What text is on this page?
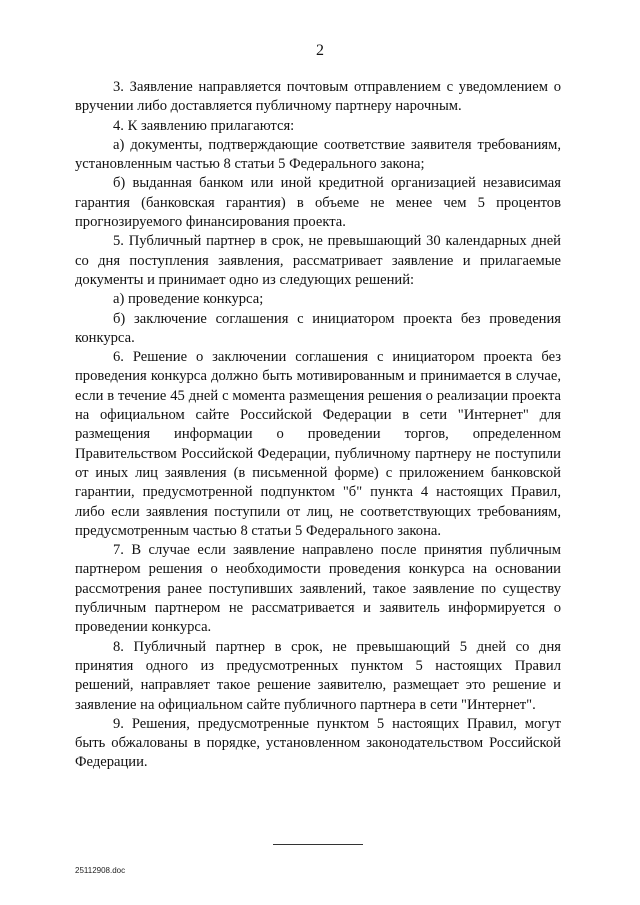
2

3. Заявление направляется почтовым отправлением с уведомлением о вручении либо доставляется публичному партнеру нарочным.

4. К заявлению прилагаются:

а) документы, подтверждающие соответствие заявителя требованиям, установленным частью 8 статьи 5 Федерального закона;

б) выданная банком или иной кредитной организацией независимая гарантия (банковская гарантия) в объеме не менее чем 5 процентов прогнозируемого финансирования проекта.

5. Публичный партнер в срок, не превышающий 30 календарных дней со дня поступления заявления, рассматривает заявление и прилагаемые документы и принимает одно из следующих решений:

а) проведение конкурса;

б) заключение соглашения с инициатором проекта без проведения конкурса.

6. Решение о заключении соглашения с инициатором проекта без проведения конкурса должно быть мотивированным и принимается в случае, если в течение 45 дней с момента размещения решения о реализации проекта на официальном сайте Российской Федерации в сети "Интернет" для размещения информации о проведении торгов, определенном Правительством Российской Федерации, публичному партнеру не поступили от иных лиц заявления (в письменной форме) с приложением банковской гарантии, предусмотренной подпунктом "б" пункта 4 настоящих Правил, либо если заявления поступили от лиц, не соответствующих требованиям, предусмотренным частью 8 статьи 5 Федерального закона.

7. В случае если заявление направлено после принятия публичным партнером решения о необходимости проведения конкурса на основании рассмотрения ранее поступивших заявлений, такое заявление по существу публичным партнером не рассматривается и заявитель информируется о проведении конкурса.

8. Публичный партнер в срок, не превышающий 5 дней со дня принятия одного из предусмотренных пунктом 5 настоящих Правил решений, направляет такое решение заявителю, размещает это решение и заявление на официальном сайте публичного партнера в сети "Интернет".

9. Решения, предусмотренные пунктом 5 настоящих Правил, могут быть обжалованы в порядке, установленном законодательством Российской Федерации.

25112908.doc
